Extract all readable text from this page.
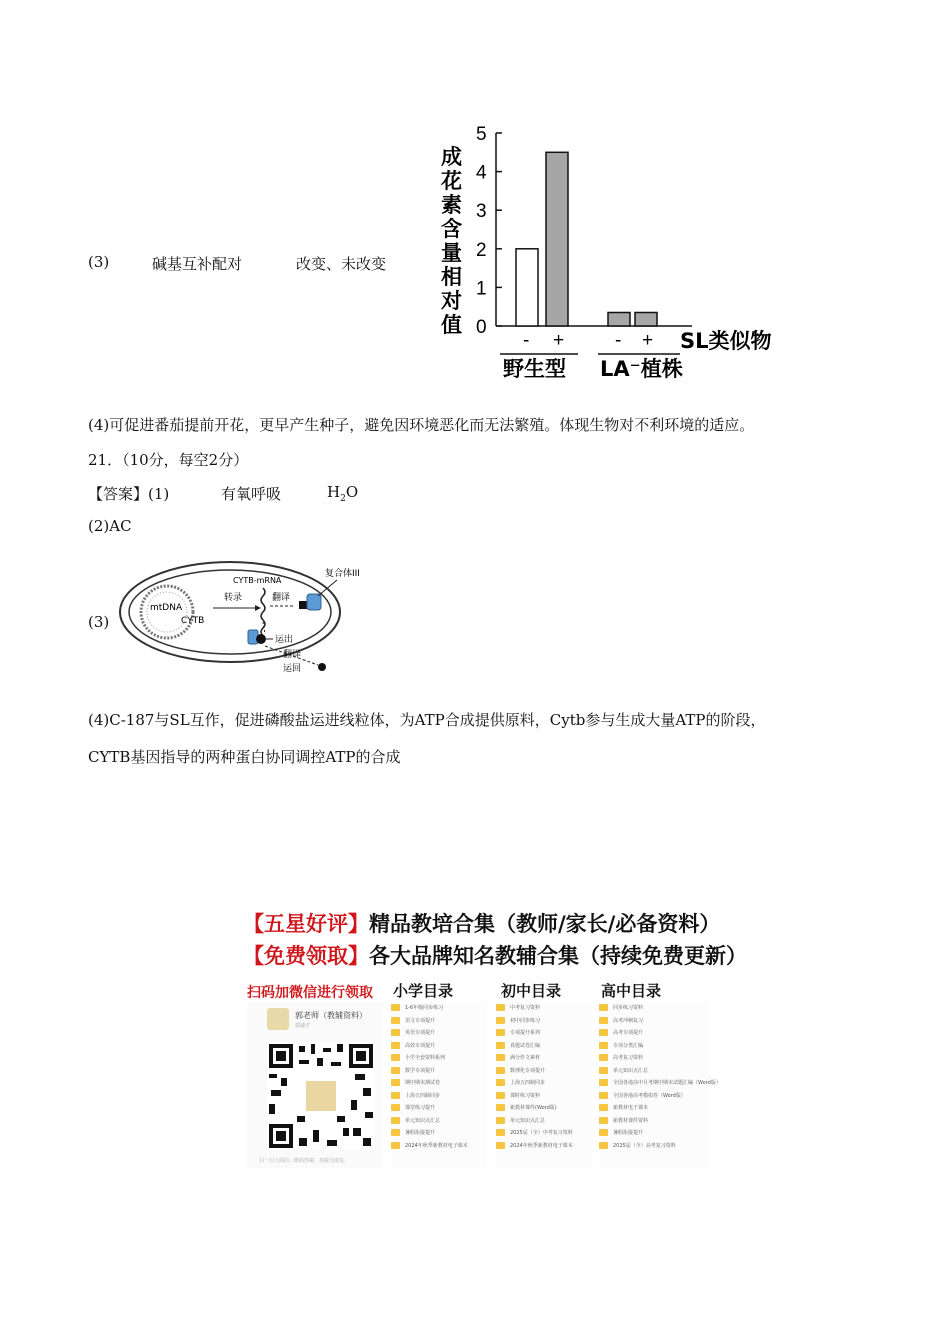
(3)	碱基互补配对	改变、未改变
0
1
2
3
4
5
成
花
素
含
量
相
对
值
- +	- +
野生型 LA⁻植株
SL类似物
(4)可促进番茄提前开花，更早产生种子，避免因环境恶化而无法繁殖。体现生物对不利环境的适应。
21．（10分，每空2分）
【答案】(1)	有氧呼吸	$H_2O$
(2)AC
(3)
mtDNA
CYTB
转录
CYTB-mRNA
翻译
复合体III
运出
翻译
运回
(4)C-187与SL互作，促进磷酸盐运进线粒体，为ATP合成提供原料，Cytb参与生成大量ATP的阶段，
CYTB基因指导的两种蛋白协同调控ATP的合成
【五星好评】精品教培合集（教师/家长/必备资料）
【免费领取】各大品牌知名教辅合集（持续免费更新）
扫码加微信进行领取
郭老师（教辅资料）
郭通宇
扫一扫上面的二维码图案，加我为朋友。
小学目录	初中目录	高中目录
1-6年级同步练习
语文专项提升
英语专项提升
高效专项提升
小学全套资料系列
数学专项提升
期中期末测试卷
上海五四制同步
课堂练习提升
单元知识点汇总
暑假衔接提升
2024年秋季新教材电子课本
中考复习资料
初中同步练习
专项提升系列
真题试卷汇编
满分作文素材
数理化专项提升
上海五四制同步
课时练习资料
新教材课件(Word版)
单元知识点汇总
2025届（全）中考复习资料
2024年秋季新教材电子课本
同步练习资料
高考冲刺复习
高考专项提升
专项分类汇编
高考复习资料
单元知识点汇总
全国各地高中月考期中期末试题汇编（Word版）
全国各地高考模拟卷（Word版）
新教材电子课本
新教材课件资料
暑假衔接提升
2025届（全）高考复习资料
